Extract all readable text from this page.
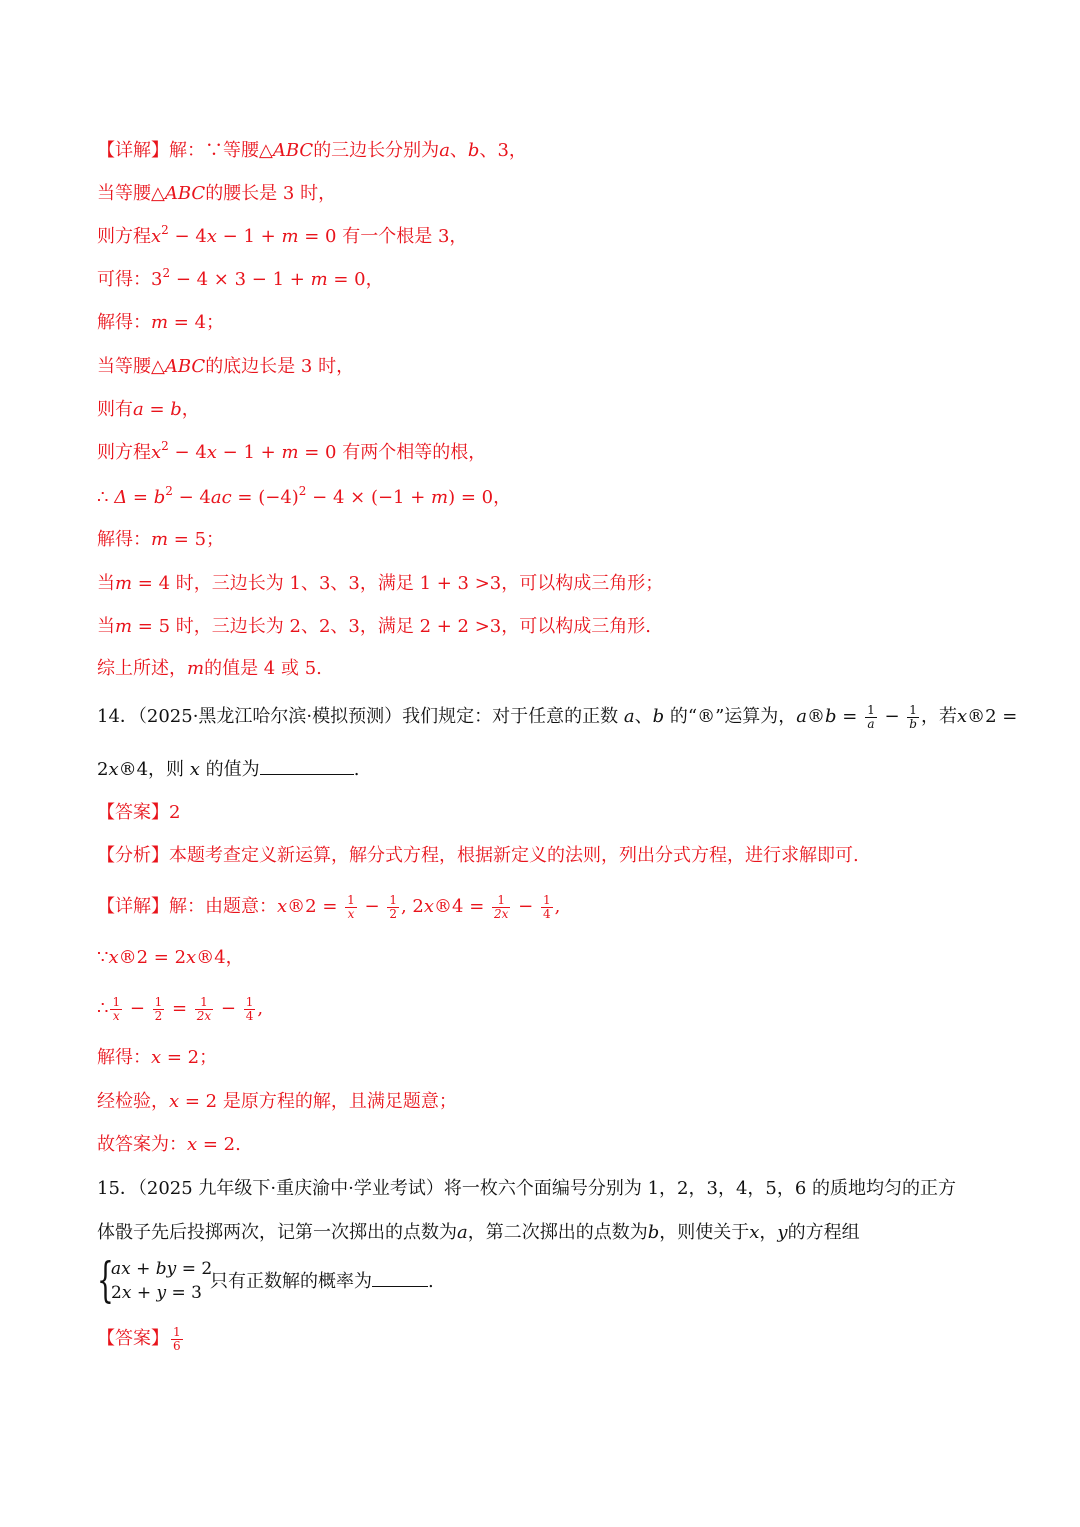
【详解】解：∵等腰△ABC的三边长分别为a、b、3，
当等腰△ABC的腰长是 3 时，
则方程$x^2 - 4x - 1 + m = 0$ 有一个根是 3，
可得：$3^2 - 4 \times 3 - 1 + m = 0$，
解得：m = 4；
当等腰△ABC的底边长是 3 时，
则有a = b，
则方程$x^2 - 4x - 1 + m = 0$ 有两个相等的根，
∴ $\Delta = b^2 - 4ac = (-4)^2 - 4 \times (-1 + m) = 0$，
解得：m = 5；
当m = 4 时，三边长为 1、3、3，满足 1 + 3 >3，可以构成三角形；
当m = 5 时，三边长为 2、2、3，满足 2 + 2 >3，可以构成三角形.
综上所述，m的值是 4 或 5.
14．（2025·黑龙江哈尔滨·模拟预测）我们规定：对于任意的正数 a、b 的“®”运算为，a®b = $\frac{1}{a} - \frac{1}{b}$ ，若x®2 =
2x®4，则 x 的值为	.
【答案】2
【分析】本题考查定义新运算，解分式方程，根据新定义的法则，列出分式方程，进行求解即可.
【详解】解：由题意：x®2 = $\frac{1}{x} - \frac{1}{2}$ , 2x®4 = $\frac{1}{2x} - \frac{1}{4}$ ,
∵x®2 = 2x®4，
∴ $\frac{1}{x} - \frac{1}{2} = \frac{1}{2x} - \frac{1}{4}$ ,
解得：x = 2；
经检验，x = 2 是原方程的解，且满足题意；
故答案为：x = 2.
15．（2025 九年级下·重庆渝中·学业考试）将一枚六个面编号分别为 1，2，3，4，5，6 的质地均匀的正方
体骰子先后投掷两次，记第一次掷出的点数为a，第二次掷出的点数为b，则使关于x，y的方程组
{
ax + by = 2
2x + y = 3
只有正数解的概率为	.
【答案】 $\frac{1}{6}$
